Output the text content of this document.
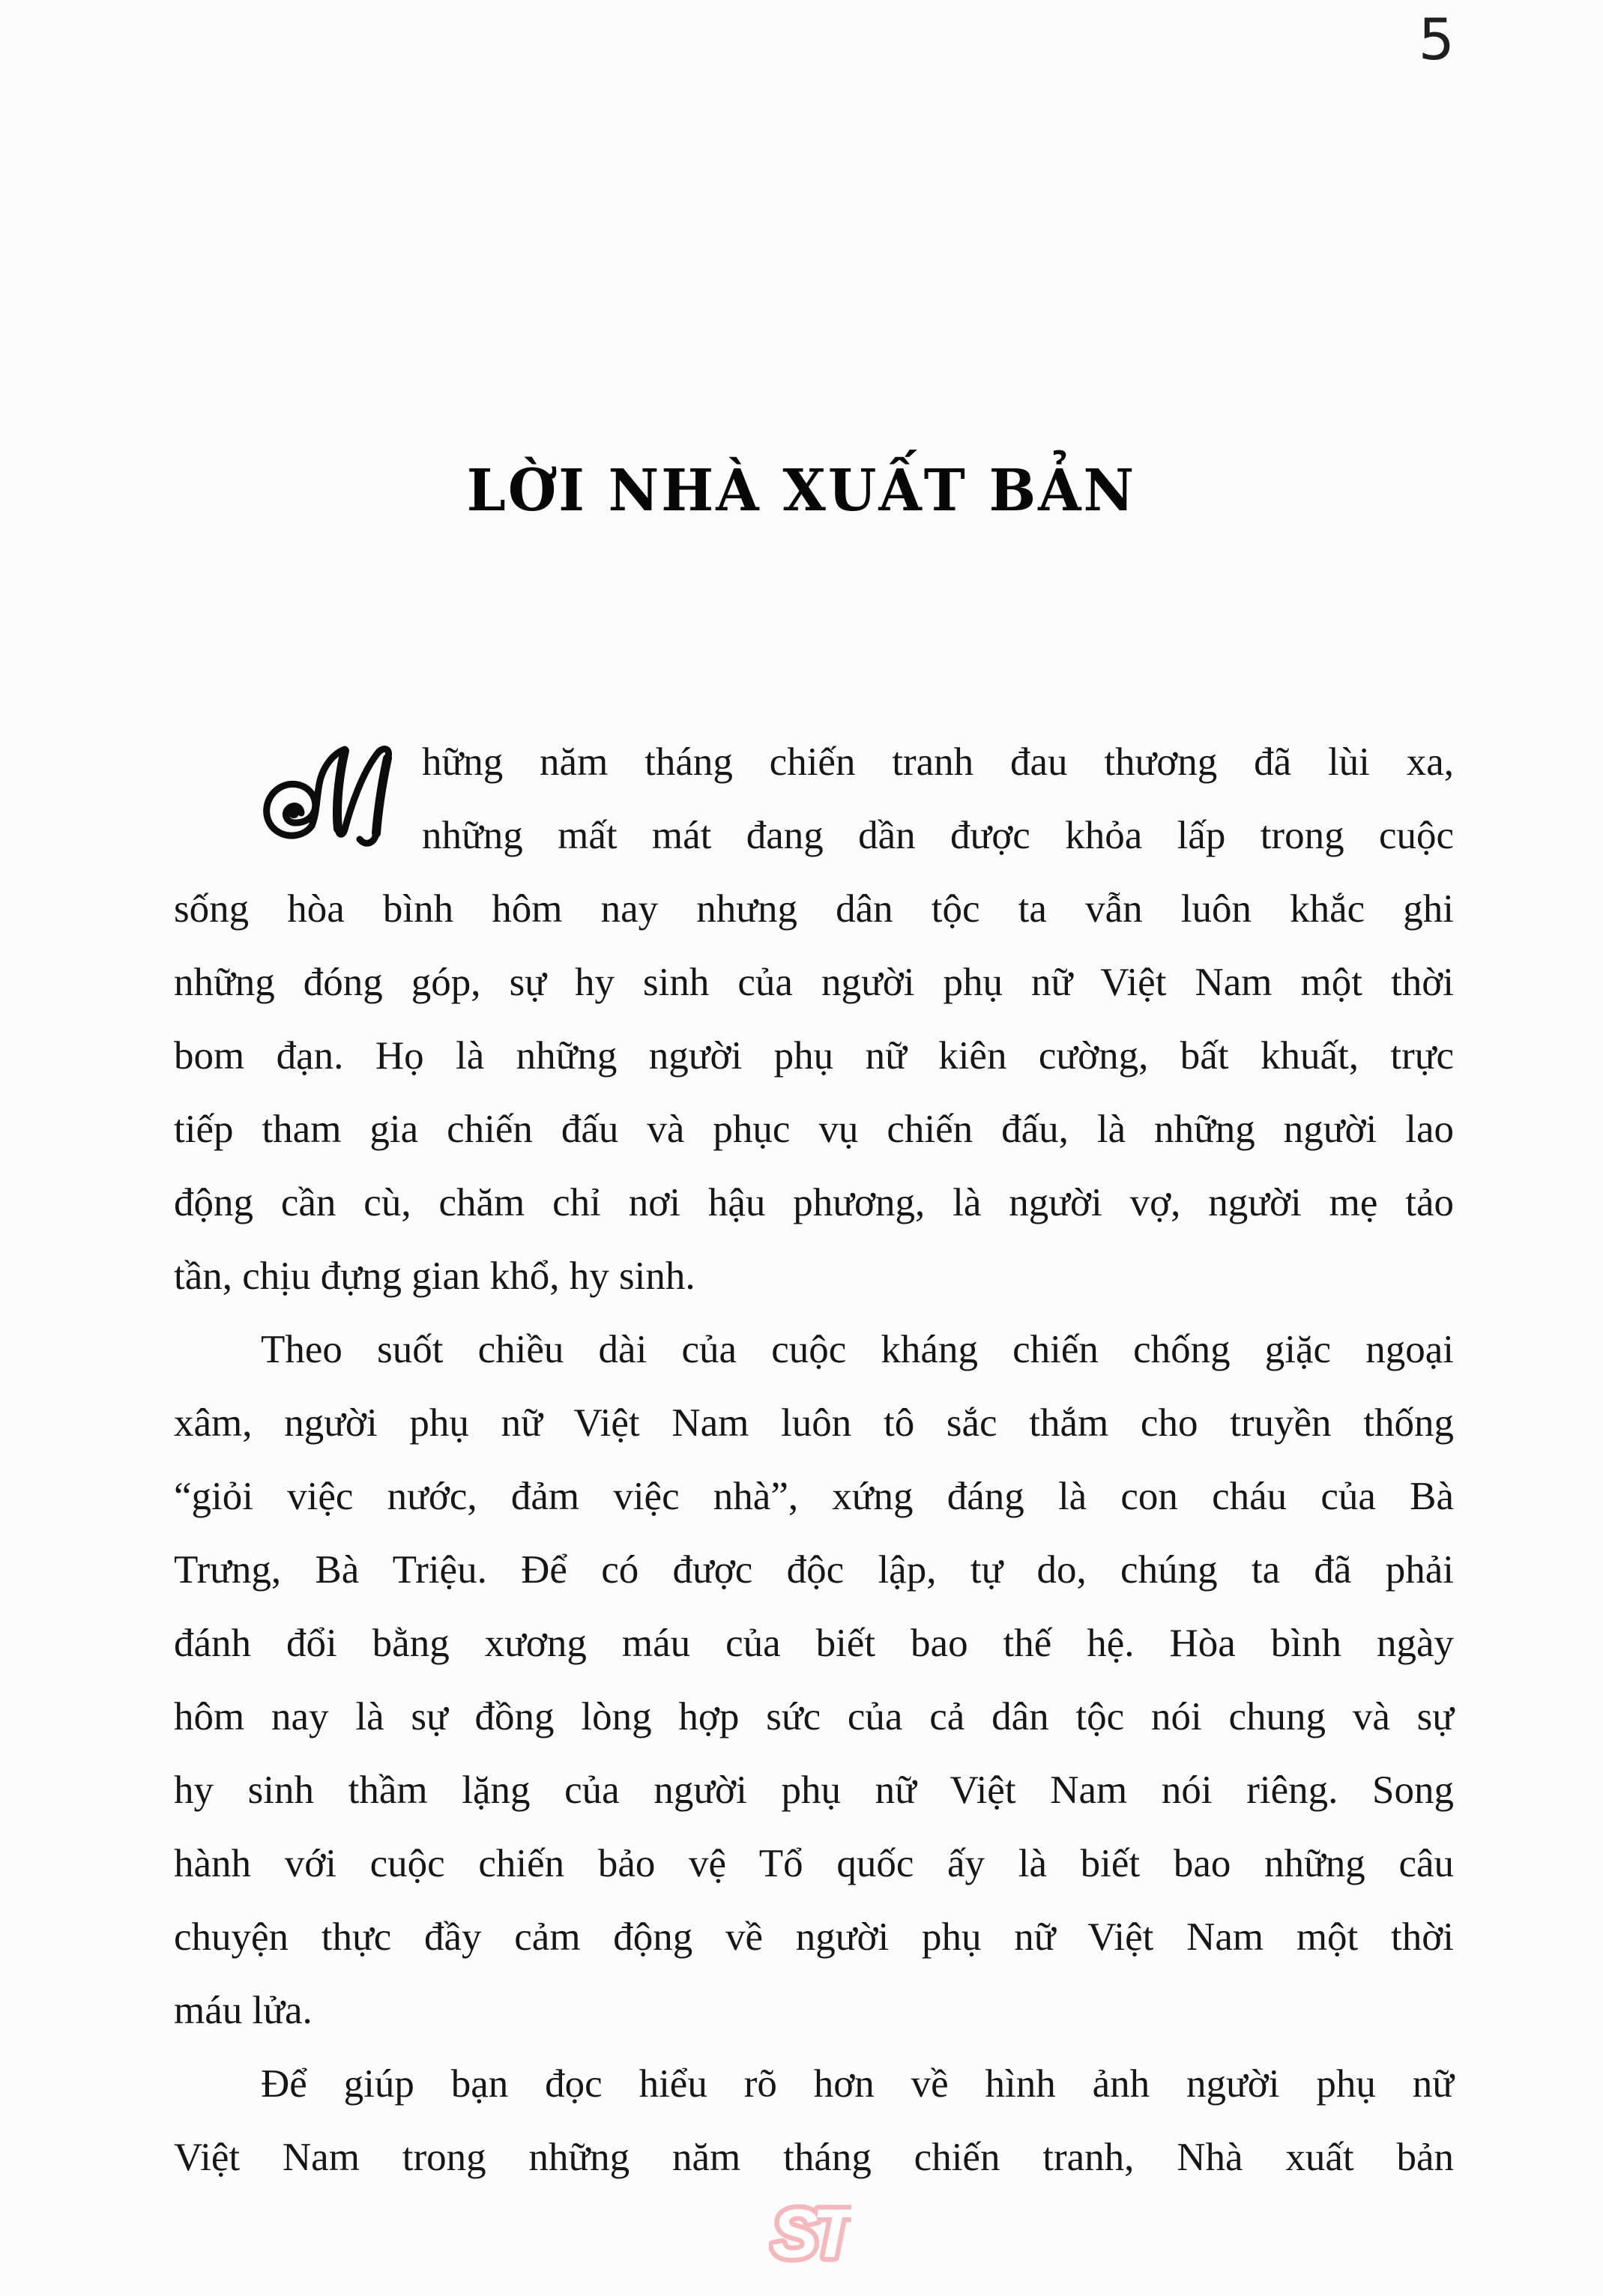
5
LỜI NHÀ XUẤT BẢN
hững năm tháng chiến tranh đau thương đã lùi xa,
những mất mát đang dần được khỏa lấp trong cuộc
sống hòa bình hôm nay nhưng dân tộc ta vẫn luôn khắc ghi
những đóng góp, sự hy sinh của người phụ nữ Việt Nam một thời
bom đạn. Họ là những người phụ nữ kiên cường, bất khuất, trực
tiếp tham gia chiến đấu và phục vụ chiến đấu, là những người lao
động cần cù, chăm chỉ nơi hậu phương, là người vợ, người mẹ tảo
tần, chịu đựng gian khổ, hy sinh.
Theo suốt chiều dài của cuộc kháng chiến chống giặc ngoại
xâm, người phụ nữ Việt Nam luôn tô sắc thắm cho truyền thống
“giỏi việc nước, đảm việc nhà”, xứng đáng là con cháu của Bà
Trưng, Bà Triệu. Để có được độc lập, tự do, chúng ta đã phải
đánh đổi bằng xương máu của biết bao thế hệ. Hòa bình ngày
hôm nay là sự đồng lòng hợp sức của cả dân tộc nói chung và sự
hy sinh thầm lặng của người phụ nữ Việt Nam nói riêng. Song
hành với cuộc chiến bảo vệ Tổ quốc ấy là biết bao những câu
chuyện thực đầy cảm động về người phụ nữ Việt Nam một thời
máu lửa.
Để giúp bạn đọc hiểu rõ hơn về hình ảnh người phụ nữ
Việt Nam trong những năm tháng chiến tranh, Nhà xuất bản
ST
